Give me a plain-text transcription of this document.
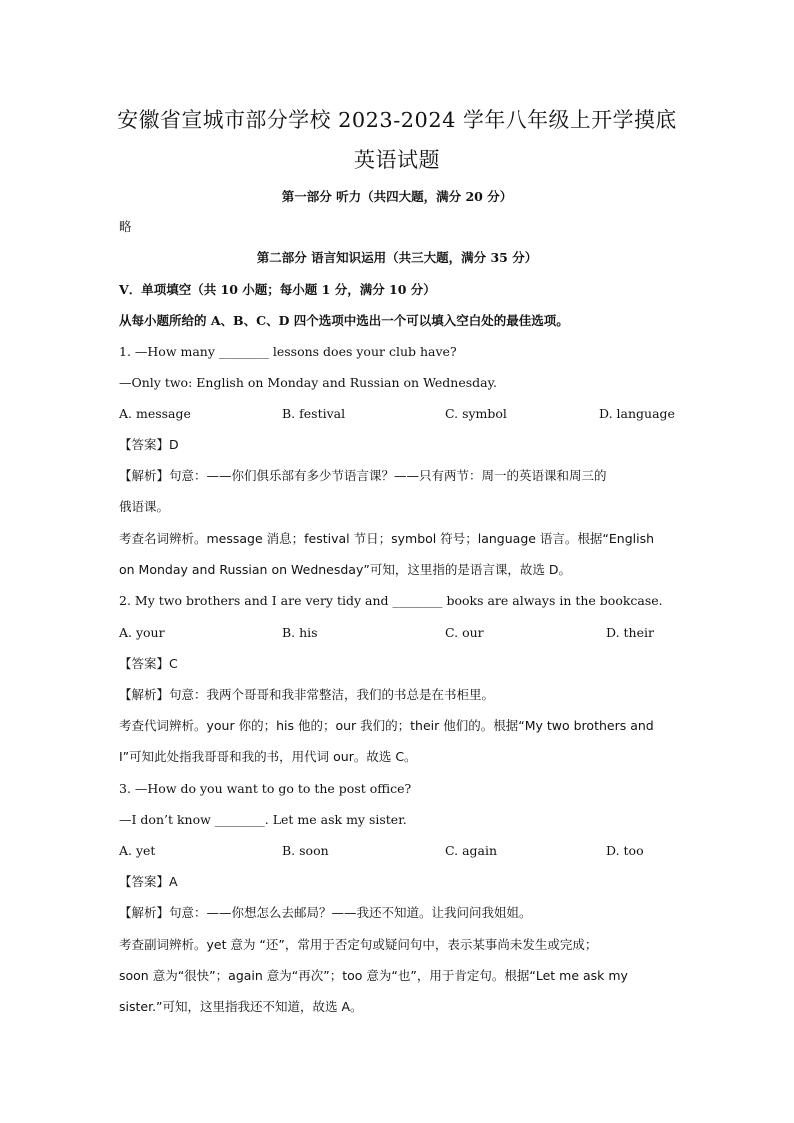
安徽省宣城市部分学校 2023-2024 学年八年级上开学摸底
英语试题
第一部分 听力（共四大题，满分 20 分）
略
第二部分 语言知识运用（共三大题，满分 35 分）
V．单项填空（共 10 小题；每小题 1 分，满分 10 分）
从每小题所给的 A、B、C、D 四个选项中选出一个可以填入空白处的最佳选项。
1. —How many ________ lessons does your club have?
—Only two: English on Monday and Russian on Wednesday.
A. message	B. festival	C. symbol	D. language
【答案】D
【解析】句意：——你们俱乐部有多少节语言课？——只有两节：周一的英语课和周三的
俄语课。
考查名词辨析。message 消息；festival 节日；symbol 符号；language 语言。根据“English
on Monday and Russian on Wednesday”可知，这里指的是语言课，故选 D。
2. My two brothers and I are very tidy and ________ books are always in the bookcase.
A. your	B. his	C. our	D. their
【答案】C
【解析】句意：我两个哥哥和我非常整洁，我们的书总是在书柜里。
考查代词辨析。your 你的；his 他的；our 我们的；their 他们的。根据“My two brothers and
I”可知此处指我哥哥和我的书，用代词 our。故选 C。
3. —How do you want to go to the post office?
—I don’t know ________. Let me ask my sister.
A. yet	B. soon	C. again	D. too
【答案】A
【解析】句意：——你想怎么去邮局？——我还不知道。让我问问我姐姐。
考查副词辨析。yet 意为 “还”，常用于否定句或疑问句中，表示某事尚未发生或完成；
soon 意为“很快”；again 意为“再次”；too 意为“也”，用于肯定句。根据“Let me ask my
sister.”可知，这里指我还不知道，故选 A。
